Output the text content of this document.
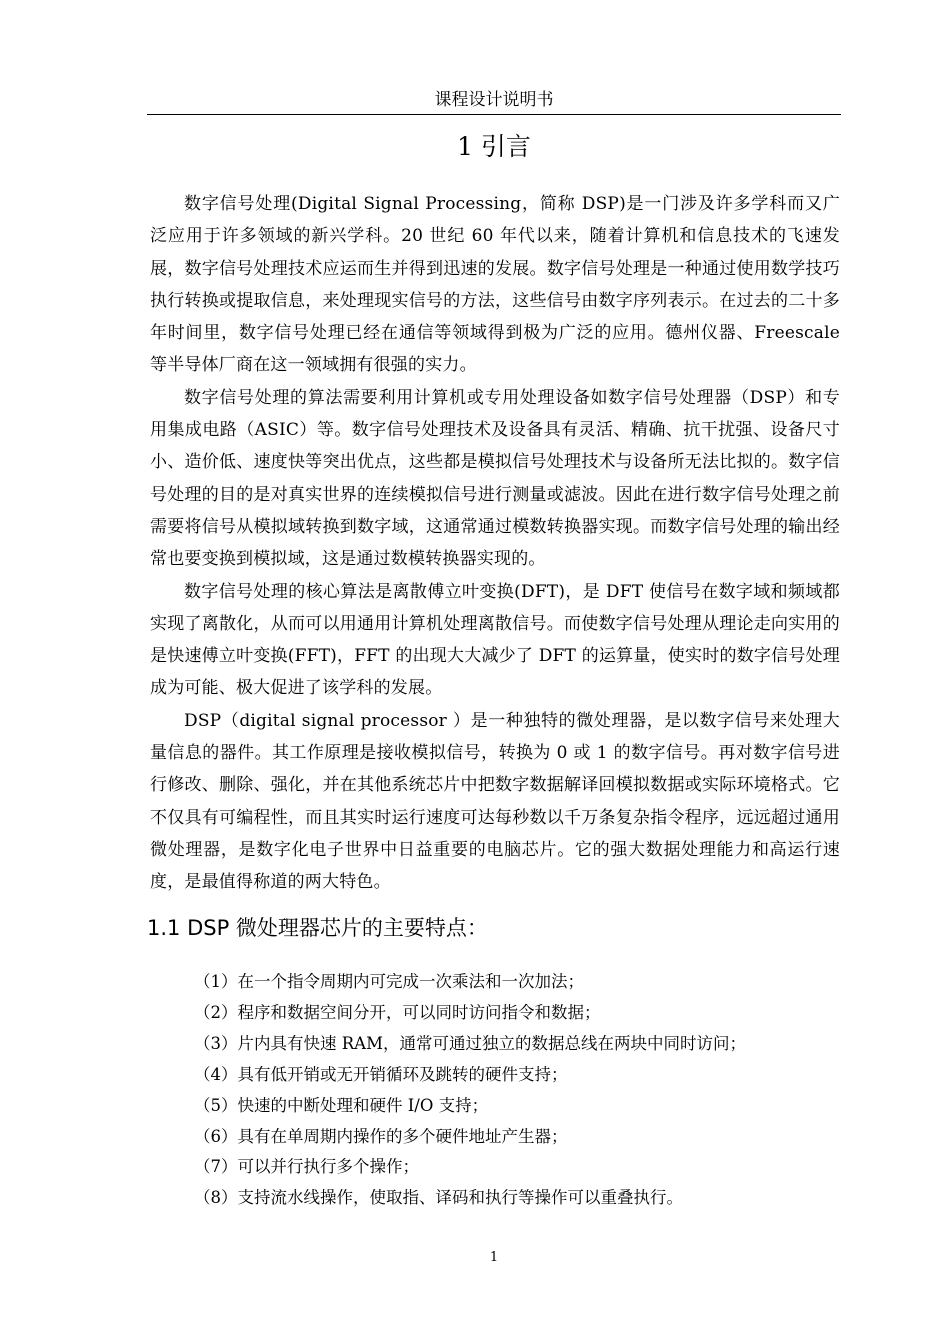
课程设计说明书
1 引言

数字信号处理(Digital Signal Processing，简称 DSP)是一门涉及许多学科而又广泛应用于许多领域的新兴学科。20 世纪 60 年代以来，随着计算机和信息技术的飞速发展，数字信号处理技术应运而生并得到迅速的发展。数字信号处理是一种通过使用数学技巧执行转换或提取信息，来处理现实信号的方法，这些信号由数字序列表示。在过去的二十多年时间里，数字信号处理已经在通信等领域得到极为广泛的应用。德州仪器、Freescale 等半导体厂商在这一领域拥有很强的实力。

数字信号处理的算法需要利用计算机或专用处理设备如数字信号处理器（DSP）和专用集成电路（ASIC）等。数字信号处理技术及设备具有灵活、精确、抗干扰强、设备尺寸小、造价低、速度快等突出优点，这些都是模拟信号处理技术与设备所无法比拟的。数字信号处理的目的是对真实世界的连续模拟信号进行测量或滤波。因此在进行数字信号处理之前需要将信号从模拟域转换到数字域，这通常通过模数转换器实现。而数字信号处理的输出经常也要变换到模拟域，这是通过数模转换器实现的。

数字信号处理的核心算法是离散傅立叶变换(DFT)，是 DFT 使信号在数字域和频域都实现了离散化，从而可以用通用计算机处理离散信号。而使数字信号处理从理论走向实用的是快速傅立叶变换(FFT)，FFT 的出现大大减少了 DFT 的运算量，使实时的数字信号处理成为可能、极大促进了该学科的发展。

DSP（digital signal processor ）是一种独特的微处理器，是以数字信号来处理大量信息的器件。其工作原理是接收模拟信号，转换为 0 或 1 的数字信号。再对数字信号进行修改、删除、强化，并在其他系统芯片中把数字数据解译回模拟数据或实际环境格式。它不仅具有可编程性，而且其实时运行速度可达每秒数以千万条复杂指令程序，远远超过通用微处理器，是数字化电子世界中日益重要的电脑芯片。它的强大数据处理能力和高运行速度，是最值得称道的两大特色。

1.1 DSP 微处理器芯片的主要特点：
（1）在一个指令周期内可完成一次乘法和一次加法；
（2）程序和数据空间分开，可以同时访问指令和数据；
（3）片内具有快速 RAM，通常可通过独立的数据总线在两块中同时访问；
（4）具有低开销或无开销循环及跳转的硬件支持；
（5）快速的中断处理和硬件 I/O 支持；
（6）具有在单周期内操作的多个硬件地址产生器；
（7）可以并行执行多个操作；
（8）支持流水线操作，使取指、译码和执行等操作可以重叠执行。
1
